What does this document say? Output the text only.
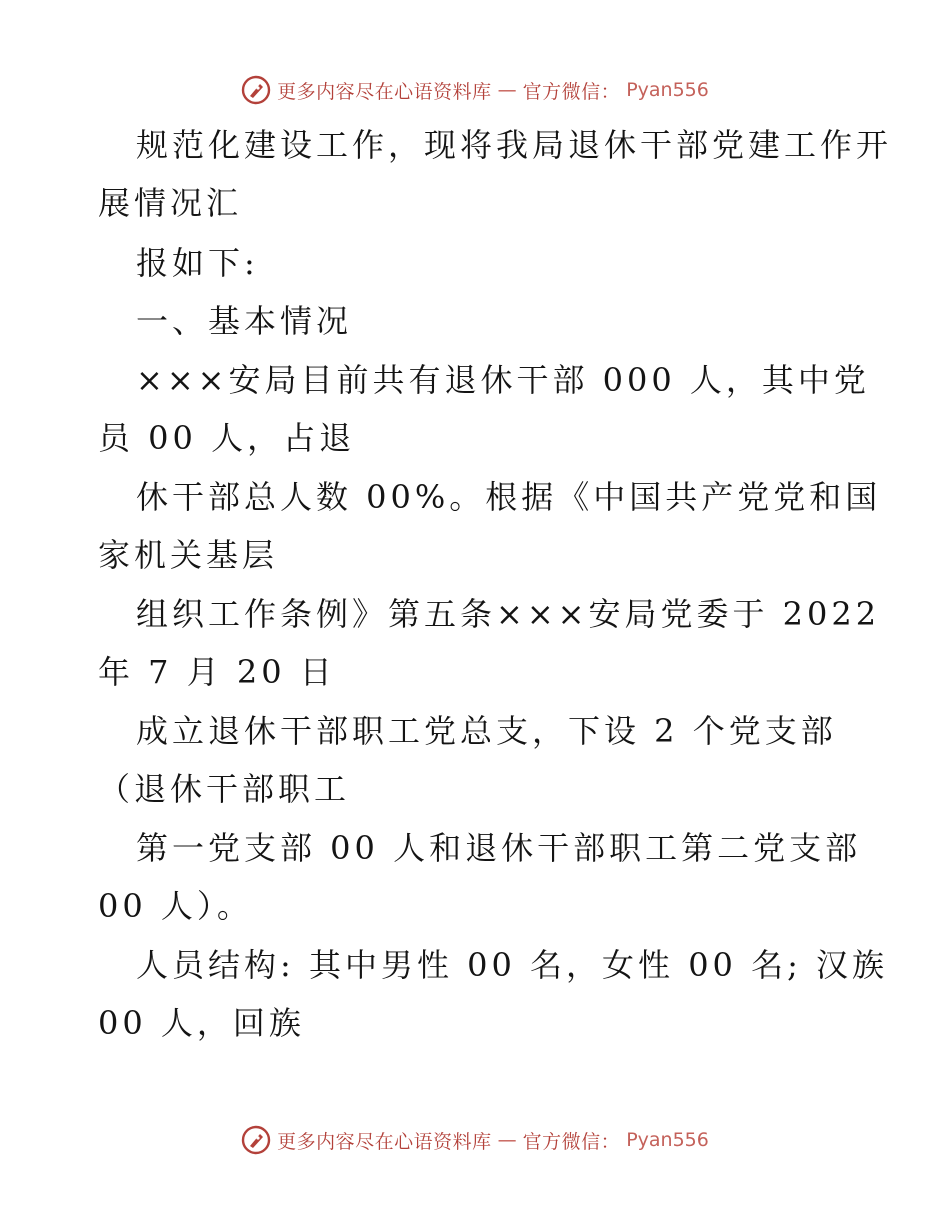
更多内容尽在心语资料库 — 官方微信： Pyan556
规范化建设工作，现将我局退休干部党建工作开
展情况汇
报如下:
一、基本情况
×××安局目前共有退休干部 000 人，其中党
员 00 人，占退
休干部总人数 00%。根据《中国共产党党和国
家机关基层
组织工作条例》第五条×××安局党委于 2022
年 7 月 20 日
成立退休干部职工党总支，下设 2 个党支部
（退休干部职工
第一党支部 00 人和退休干部职工第二党支部
00 人）。
人员结构: 其中男性 00 名，女性 00 名; 汉族
00 人，回族
更多内容尽在心语资料库 — 官方微信： Pyan556
